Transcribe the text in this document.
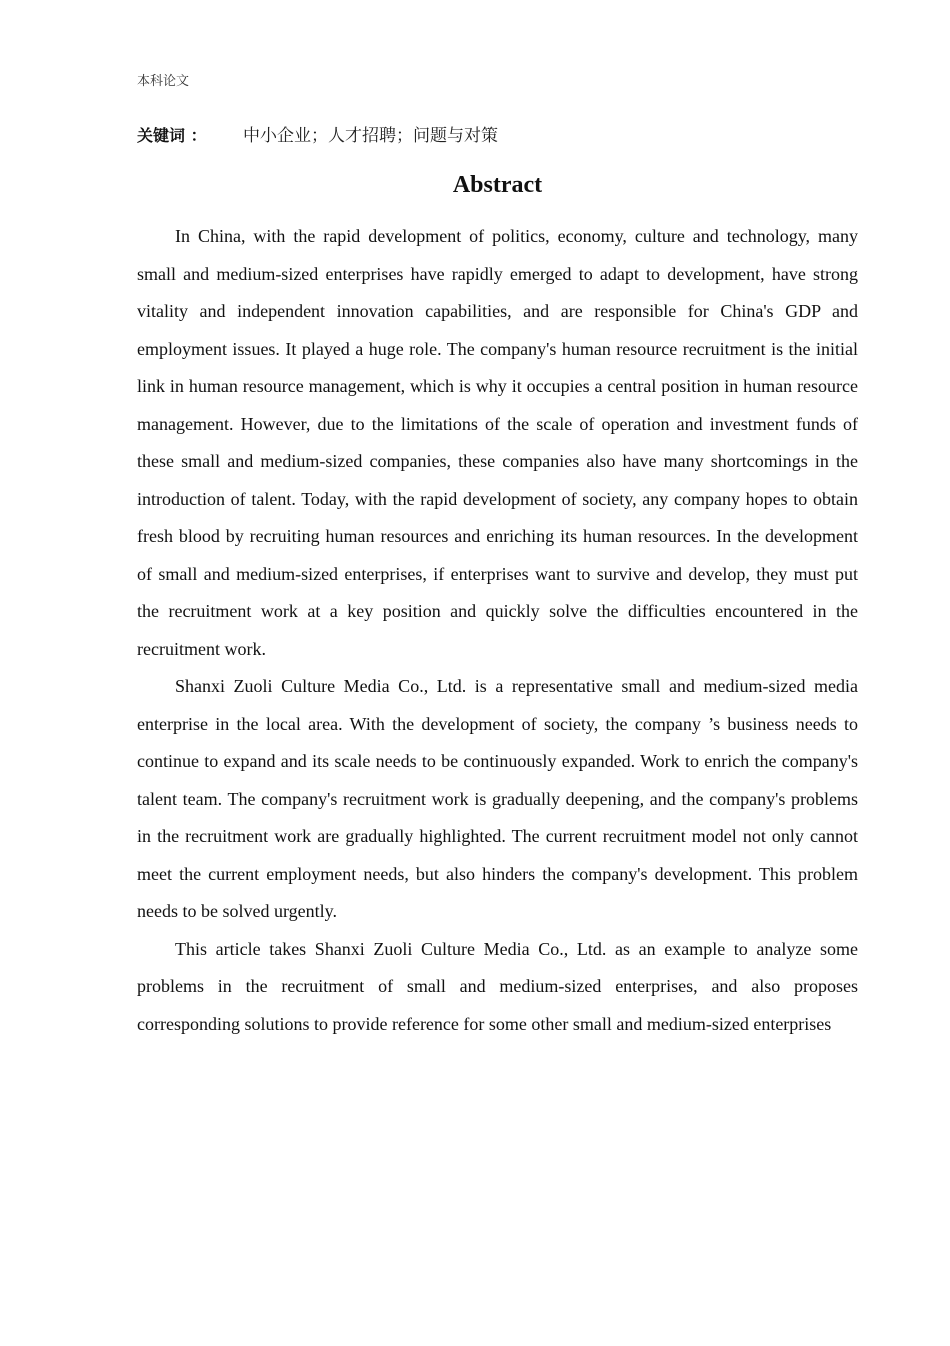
本科论文
关键词 ： 中小企业；人才招聘；问题与对策
Abstract

In China, with the rapid development of politics, economy, culture and technology, many small and medium-sized enterprises have rapidly emerged to adapt to development, have strong vitality and independent innovation capabilities, and are responsible for China's GDP and employment issues. It played a huge role. The company's human resource recruitment is the initial link in human resource management, which is why it occupies a central position in human resource management. However, due to the limitations of the scale of operation and investment funds of these small and medium-sized companies, these companies also have many shortcomings in the introduction of talent. Today, with the rapid development of society, any company hopes to obtain fresh blood by recruiting human resources and enriching its human resources. In the development of small and medium-sized enterprises, if enterprises want to survive and develop, they must put the recruitment work at a key position and quickly solve the difficulties encountered in the recruitment work.

Shanxi Zuoli Culture Media Co., Ltd. is a representative small and medium-sized media enterprise in the local area. With the development of society, the company ’s business needs to continue to expand and its scale needs to be continuously expanded. Work to enrich the company's talent team. The company's recruitment work is gradually deepening, and the company's problems in the recruitment work are gradually highlighted. The current recruitment model not only cannot meet the current employment needs, but also hinders the company's development. This problem needs to be solved urgently.

This article takes Shanxi Zuoli Culture Media Co., Ltd. as an example to analyze some problems in the recruitment of small and medium-sized enterprises, and also proposes corresponding solutions to provide reference for some other small and medium-sized enterprises
